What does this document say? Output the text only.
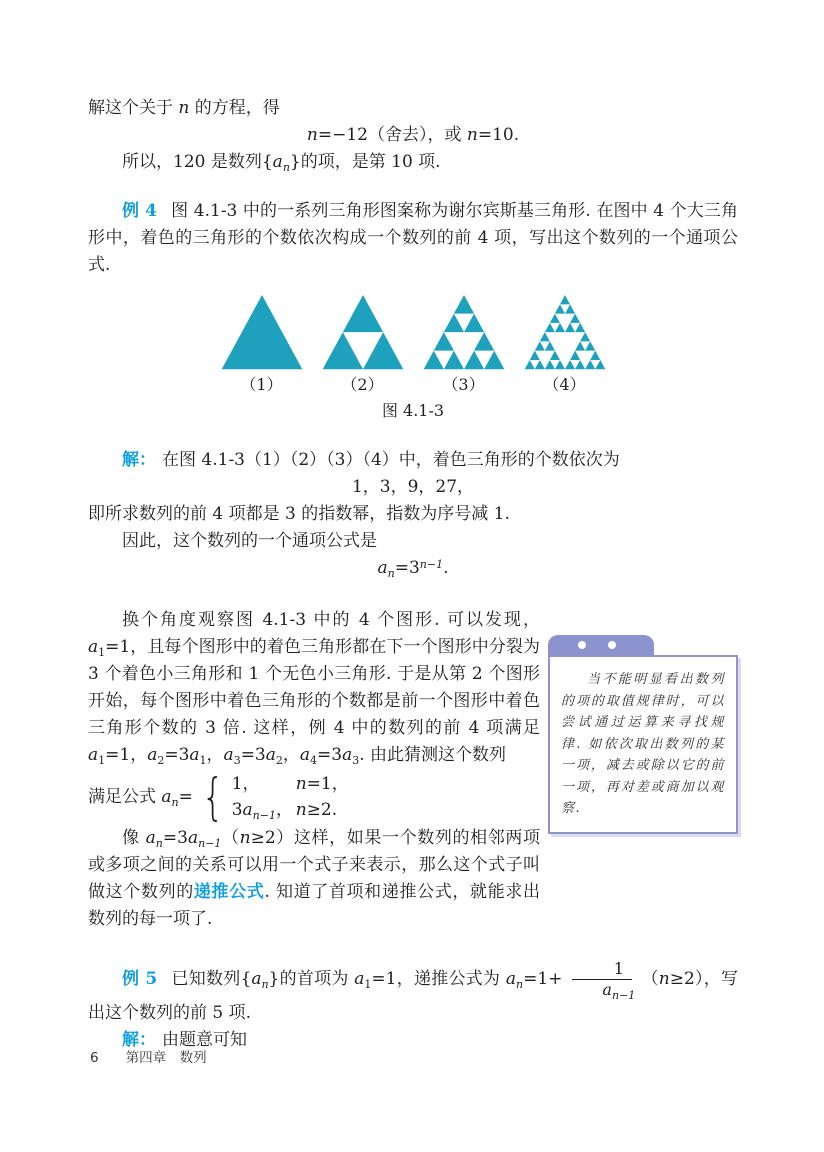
解这个关于 n 的方程，得

n=−12（舍去），或 n=10.

所以，120 是数列$\{a_n\}$的项，是第 10 项.

例 4 图 4.1-3 中的一系列三角形图案称为谢尔宾斯基三角形. 在图中 4 个大三角形中，着色的三角形的个数依次构成一个数列的前 4 项，写出这个数列的一个通项公式.

（1）	（2）	（3）	（4）
图 4.1-3

解： 在图 4.1-3（1）（2）（3）（4）中，着色三角形的个数依次为

1，3，9，27，

即所求数列的前 4 项都是 3 的指数幂，指数为序号减 1.

因此，这个数列的一个通项公式是

$a_n=3^{n-1}$.

换个角度观察图 4.1-3 中的 4 个图形. 可以发现，$a_1=1$，且每个图形中的着色三角形都在下一个图形中分裂为 3 个着色小三角形和 1 个无色小三角形. 于是从第 2 个图形开始，每个图形中着色三角形的个数都是前一个图形中着色三角形个数的 3 倍. 这样，例 4 中的数列的前 4 项满足 $a_1=1$，$a_2=3a_1$，$a_3=3a_2$，$a_4=3a_3$. 由此猜测这个数列

满足公式 $a_n=$ { 1，	n=1，
$3a_{n-1}$， n≥2.

像 $a_n=3a_{n-1}(n\ge 2)$这样，如果一个数列的相邻两项或多项之间的关系可以用一个式子来表示，那么这个式子叫做这个数列的递推公式. 知道了首项和递推公式，就能求出数列的每一项了.

当不能明显看出数列的项的取值规律时，可以尝试通过运算来寻找规律. 如依次取出数列的某一项，减去或除以它的前一项，再对差或商加以观察.

例 5 已知数列$\{a_n\}$的首项为 $a_1=1$，递推公式为 $a_n=1+ \frac{1}{a_{n-1}} (n\ge 2)$，写出这个数列的前 5 项.

解： 由题意可知

6 第四章　数列
